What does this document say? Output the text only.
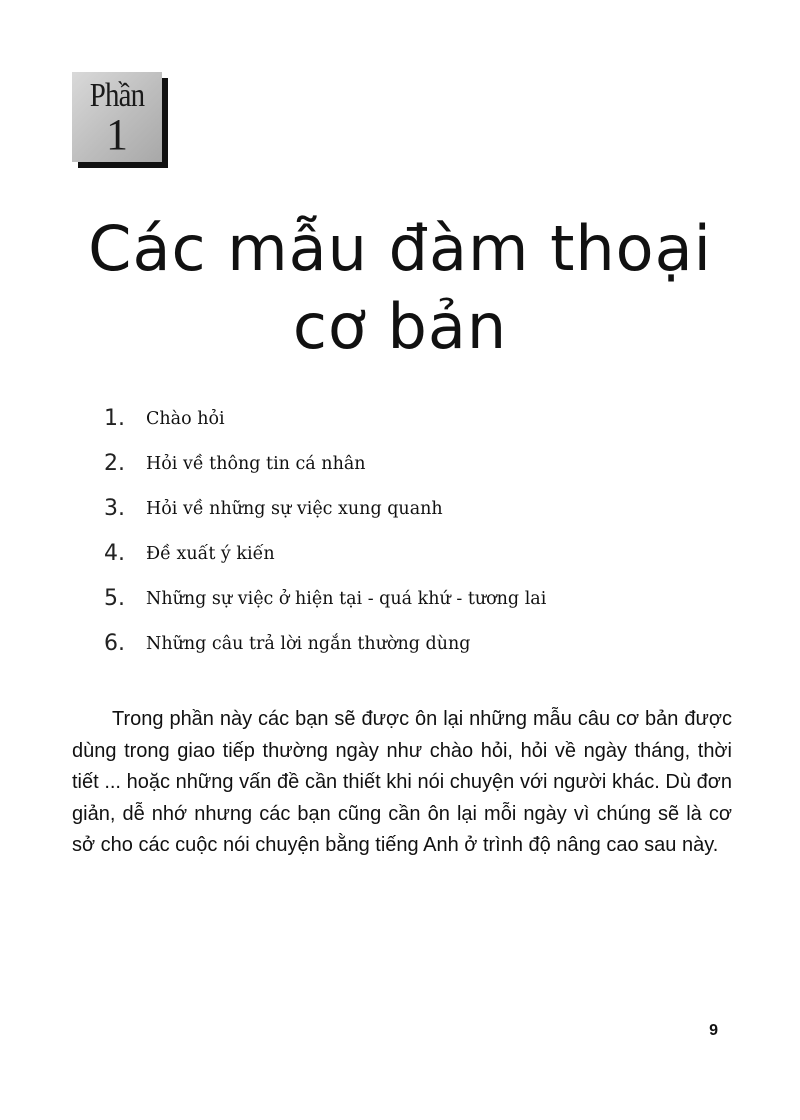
Phần
1
Các mẫu đàm thoại
cơ bản
1.	Chào hỏi
2.	Hỏi về thông tin cá nhân
3.	Hỏi về những sự việc xung quanh
4.	Đề xuất ý kiến
5.	Những sự việc ở hiện tại - quá khứ - tương lai
6.	Những câu trả lời ngắn thường dùng

Trong phần này các bạn sẽ được ôn lại những mẫu câu cơ bản được dùng trong giao tiếp thường ngày như chào hỏi, hỏi về ngày tháng, thời tiết ... hoặc những vấn đề cần thiết khi nói chuyện với người khác. Dù đơn giản, dễ nhớ nhưng các bạn cũng cần ôn lại mỗi ngày vì chúng sẽ là cơ sở cho các cuộc nói chuyện bằng tiếng Anh ở trình độ nâng cao sau này.

9
